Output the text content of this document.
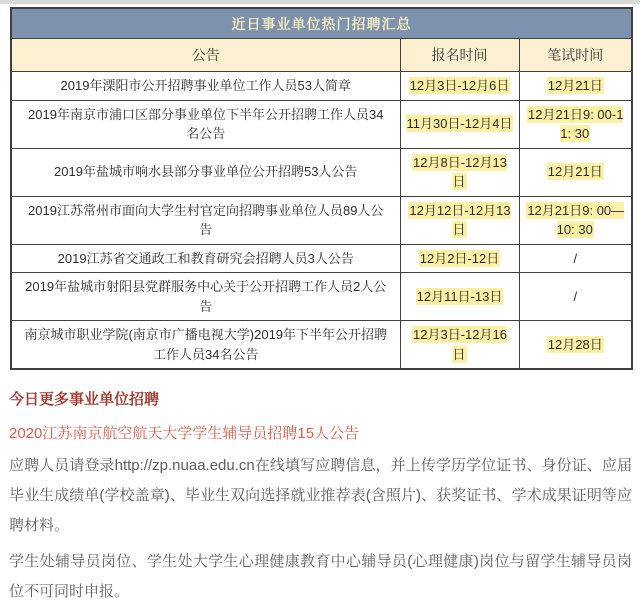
近日事业单位热门招聘汇总		
公告	报名时间	笔试时间
2019年溧阳市公开招聘事业单位工作人员53人简章	12月3日-12月6日	12月21日
2019年南京市浦口区部分事业单位下半年公开招聘工作人员34名公告	11月30日-12月4日	12月21日9: 00-11: 30
2019年盐城市响水县部分事业单位公开招聘53人公告	12月8日-12月13日	12月21日
2019江苏常州市面向大学生村官定向招聘事业单位人员89人公告	12月12日-12月13日	12月21日9: 00—10: 30
2019江苏省交通政工和教育研究会招聘人员3人公告	12月2日-12日	/
2019年盐城市射阳县党群服务中心关于公开招聘工作人员2人公告	12月11日-13日	/
南京城市职业学院(南京市广播电视大学)2019年下半年公开招聘工作人员34名公告	12月3日-12月16日	12月28日

今日更多事业单位招聘

2020江苏南京航空航天大学学生辅导员招聘15人公告

应聘人员请登录http://zp.nuaa.edu.cn在线填写应聘信息，并上传学历学位证书、身份证、应届毕业生成绩单(学校盖章)、毕业生双向选择就业推荐表(含照片)、获奖证书、学术成果证明等应聘材料。

学生处辅导员岗位、学生处大学生心理健康教育中心辅导员(心理健康)岗位与留学生辅导员岗位不可同时申报。
